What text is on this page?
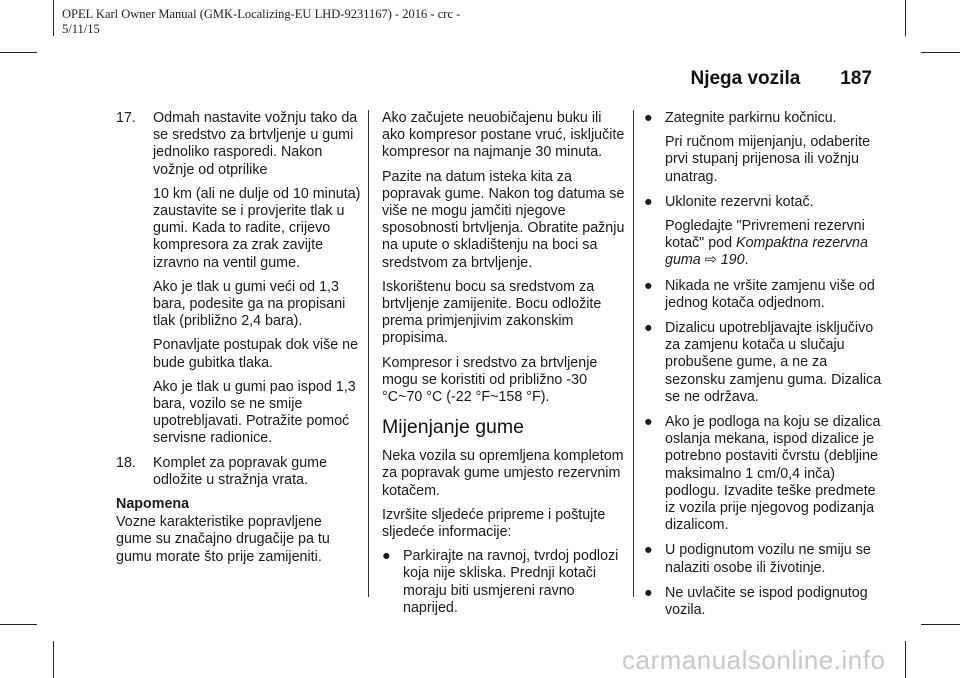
OPEL Karl Owner Manual (GMK-Localizing-EU LHD-9231167) - 2016 - crc -
5/11/15
Njega vozila 187
17. Odmah nastavite vožnju tako da se sredstvo za brtvljenje u gumi jednoliko rasporedi. Nakon vožnje od otprilike

10 km (ali ne dulje od 10 minuta) zaustavite se i provjerite tlak u gumi. Kada to radite, crijevo kompresora za zrak zavijte izravno na ventil gume.

Ako je tlak u gumi veći od 1,3 bara, podesite ga na propisani tlak (približno 2,4 bara).

Ponavljate postupak dok više ne bude gubitka tlaka.

Ako je tlak u gumi pao ispod 1,3 bara, vozilo se ne smije upotrebljavati. Potražite pomoć servisne radionice.

18. Komplet za popravak gume odložite u stražnja vrata.

Napomena

Vozne karakteristike popravljene gume su značajno drugačije pa tu gumu morate što prije zamijeniti.

Ako začujete neuobičajenu buku ili ako kompresor postane vruć, isključite kompresor na najmanje 30 minuta.

Pazite na datum isteka kita za popravak gume. Nakon tog datuma se više ne mogu jamčiti njegove sposobnosti brtvljenja. Obratite pažnju na upute o skladištenju na boci sa sredstvom za brtvljenje.

Iskorištenu bocu sa sredstvom za brtvljenje zamijenite. Bocu odložite prema primjenjivim zakonskim propisima.

Kompresor i sredstvo za brtvljenje mogu se koristiti od približno -30 °C~70 °C (-22 °F~158 °F).

Mijenjanje gume

Neka vozila su opremljena kompletom za popravak gume umjesto rezervnim kotačem.

Izvršite sljedeće pripreme i poštujte sljedeće informacije:

● Parkirajte na ravnoj, tvrdoj podlozi koja nije skliska. Prednji kotači moraju biti usmjereni ravno naprijed.

● Zategnite parkirnu kočnicu.

Pri ručnom mijenjanju, odaberite prvi stupanj prijenosa ili vožnju unatrag.

● Uklonite rezervni kotač.

Pogledajte "Privremeni rezervni kotač" pod Kompaktna rezervna guma ⇨ 190.

● Nikada ne vršite zamjenu više od jednog kotača odjednom.

● Dizalicu upotrebljavajte isključivo za zamjenu kotača u slučaju probušene gume, a ne za sezonsku zamjenu guma. Dizalica se ne održava.

● Ako je podloga na koju se dizalica oslanja mekana, ispod dizalice je potrebno postaviti čvrstu (debljine maksimalno 1 cm/0,4 inča) podlogu. Izvadite teške predmete iz vozila prije njegovog podizanja dizalicom.

● U podignutom vozilu ne smiju se nalaziti osobe ili životinje.

● Ne uvlačite se ispod podignutog vozila.

carmanualsonline.info
